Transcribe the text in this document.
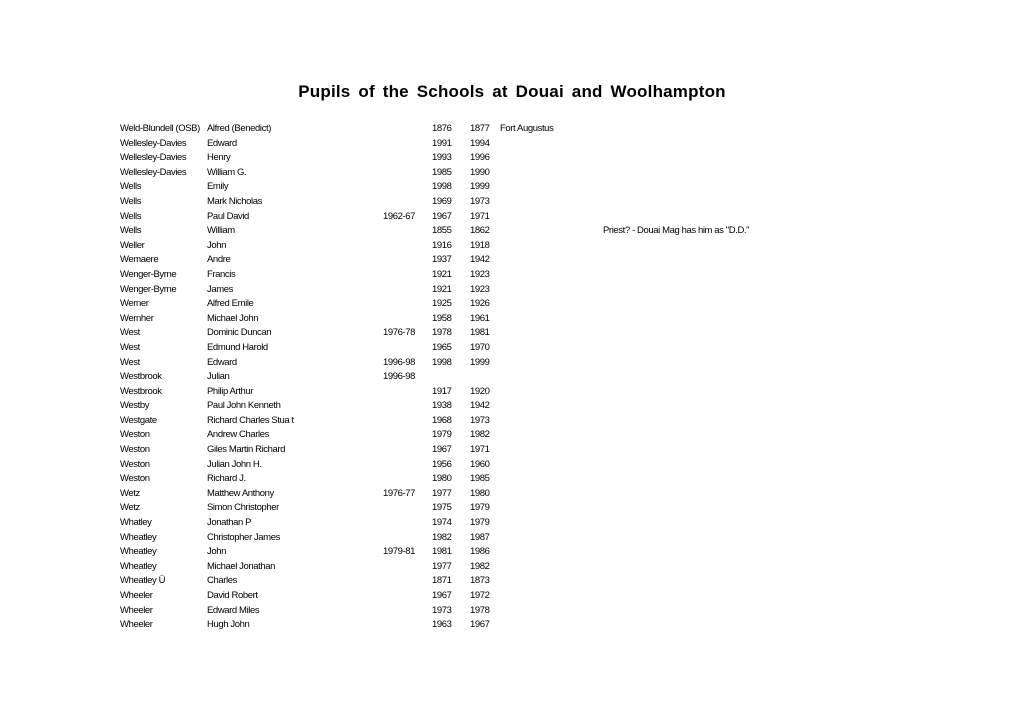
Pupils of the Schools at Douai and Woolhampton
Weld-Blundell (OSB) Alfred (Benedict)	1876 1877 Fort Augustus
Wellesley-Davies Edward	1991 1994
Wellesley-Davies Henry	1993 1996
Wellesley-Davies William G.	1985 1990
Wells	Emily	1998 1999
Wells	Mark Nicholas	1969 1973
Wells	Paul David	1962-67 1967 1971
Wells	William	1855 1862	Priest? - Douai Mag has him as "D.D."
Weller	John	1916 1918
Wemaere	Andre	1937 1942
Wenger-Byrne	Francis	1921 1923
Wenger-Byrne	James	1921 1923
Werner	Alfred Emile	1925 1926
Wernher	Michael John	1958 1961
West	Dominic Duncan	1976-78 1978 1981
West	Edmund Harold	1965 1970
West	Edward	1996-98 1998 1999
Westbrook	Julian	1996-98
Westbrook	Philip Arthur	1917 1920
Westby	Paul John Kenneth	1938 1942
Westgate	Richard Charles Stua t	1968 1973
Weston	Andrew Charles	1979 1982
Weston	Giles Martin Richard	1967 1971
Weston	Julian John H.	1956 1960
Weston	Richard J.	1980 1985
Wetz	Matthew Anthony	1976-77 1977 1980
Wetz	Simon Christopher	1975 1979
Whatley	Jonathan P	1974 1979
Wheatley	Christopher James	1982 1987
Wheatley	John	1979-81 1981 1986
Wheatley	Michael Jonathan	1977 1982
Wheatley Ü	Charles	1871 1873
Wheeler	David Robert	1967 1972
Wheeler	Edward Miles	1973 1978
Wheeler	Hugh John	1963 1967
